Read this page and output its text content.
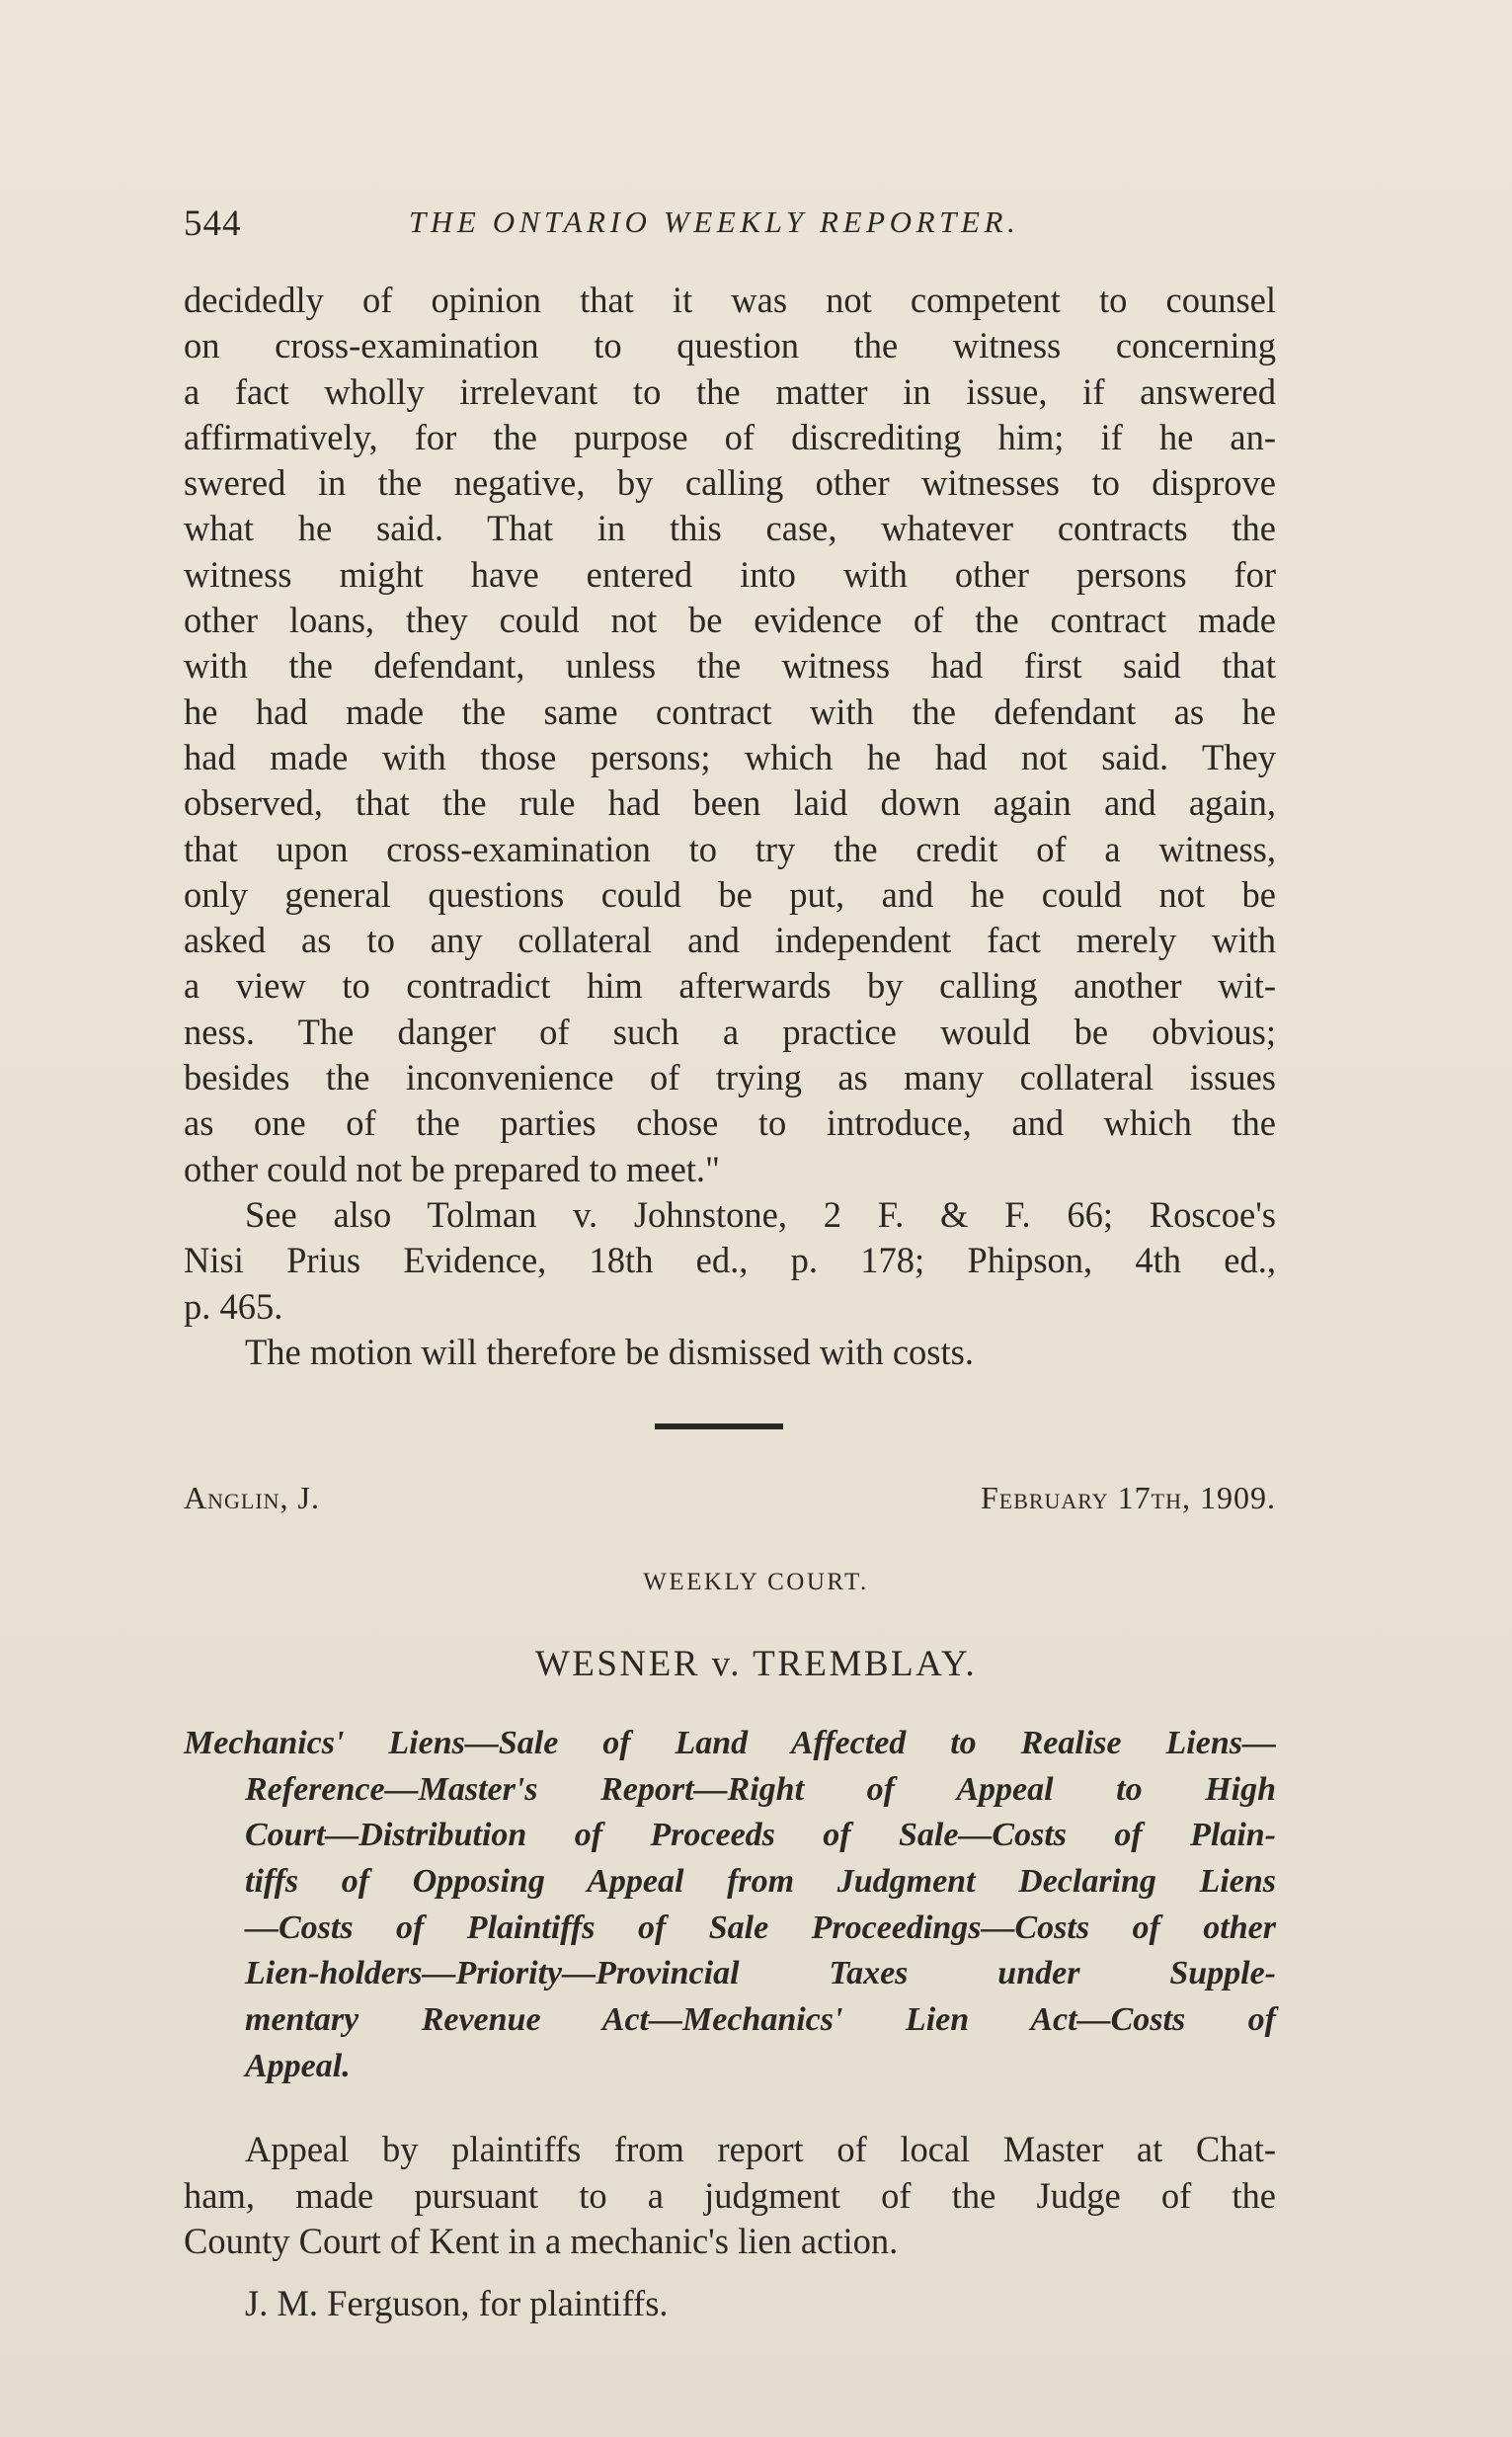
544	THE ONTARIO WEEKLY REPORTER.
decidedly of opinion that it was not competent to counsel
on cross-examination to question the witness concerning
a fact wholly irrelevant to the matter in issue, if answered
affirmatively, for the purpose of discrediting him; if he an-
swered in the negative, by calling other witnesses to disprove
what he said. That in this case, whatever contracts the
witness might have entered into with other persons for
other loans, they could not be evidence of the contract made
with the defendant, unless the witness had first said that
he had made the same contract with the defendant as he
had made with those persons; which he had not said. They
observed, that the rule had been laid down again and again,
that upon cross-examination to try the credit of a witness,
only general questions could be put, and he could not be
asked as to any collateral and independent fact merely with
a view to contradict him afterwards by calling another wit-
ness. The danger of such a practice would be obvious;
besides the inconvenience of trying as many collateral issues
as one of the parties chose to introduce, and which the
other could not be prepared to meet."
See also Tolman v. Johnstone, 2 F. & F. 66; Roscoe's
Nisi Prius Evidence, 18th ed., p. 178; Phipson, 4th ed.,
p. 465.
The motion will therefore be dismissed with costs.
Anglin, J.	February 17th, 1909.
WEEKLY COURT.
WESNER v. TREMBLAY.
Mechanics' Liens—Sale of Land Affected to Realise Liens—
Reference—Master's Report—Right of Appeal to High
Court—Distribution of Proceeds of Sale—Costs of Plain-
tiffs of Opposing Appeal from Judgment Declaring Liens
—Costs of Plaintiffs of Sale Proceedings—Costs of other
Lien-holders—Priority—Provincial Taxes under Supple-
mentary Revenue Act—Mechanics' Lien Act—Costs of
Appeal.
Appeal by plaintiffs from report of local Master at Chat-
ham, made pursuant to a judgment of the Judge of the
County Court of Kent in a mechanic's lien action.
J. M. Ferguson, for plaintiffs.
